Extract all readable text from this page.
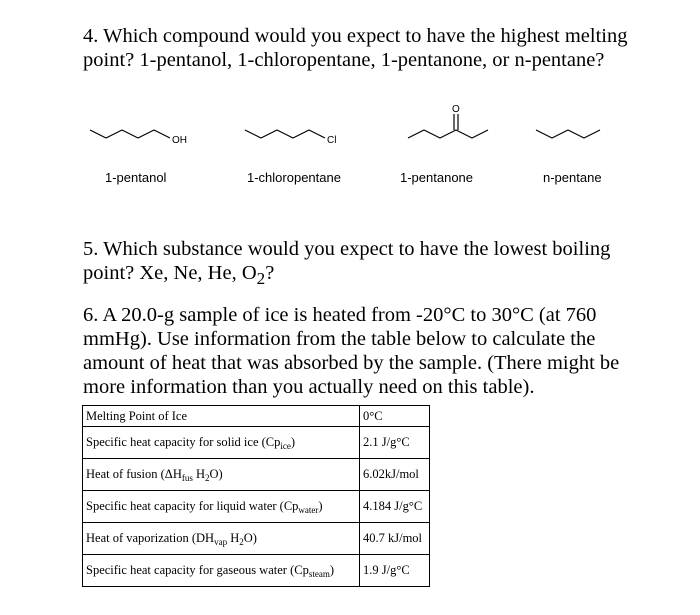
4. Which compound would you expect to have the highest melting point? 1-pentanol, 1-chloropentane, 1-pentanone, or n-pentane?
OH	Cl
O
1-pentanol	1-chloropentane	1-pentanone	n-pentane
5. Which substance would you expect to have the lowest boiling point? Xe, Ne, He, $O_2$?
6. A 20.0-g sample of ice is heated from -20°C to 30°C (at 760 mmHg). Use information from the table below to calculate the amount of heat that was absorbed by the sample. (There might be more information than you actually need on this table).
Melting Point of Ice	0°C
Specific heat capacity for solid ice $(Cp_{ice})$	2.1 J/g°C
Heat of fusion ($\Delta H_{fus}$ $H_2O$)	6.02kJ/mol
Specific heat capacity for liquid water $(Cp_{water})$	4.184 J/g°C
Heat of vaporization ($DH_{vap}$ $H_2O$)	40.7 kJ/mol
Specific heat capacity for gaseous water $(Cp_{steam})$	1.9 J/g°C
